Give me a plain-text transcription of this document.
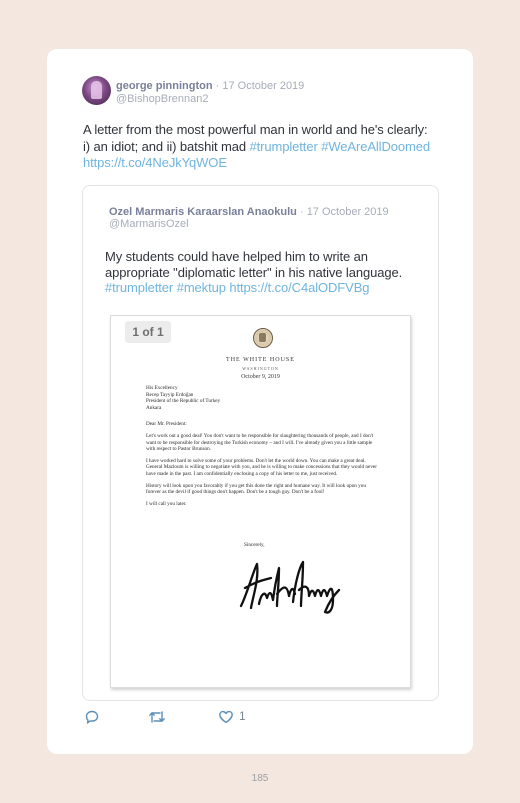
george pinnington · 17 October 2019
@BishopBrennan2
A letter from the most powerful man in world and he's clearly: i) an idiot; and ii) batshit mad #trumpletter #WeAreAllDoomed https://t.co/4NeJkYqWOE
Ozel Marmaris Karaarslan Anaokulu · 17 October 2019
@MarmarisOzel
My students could have helped him to write an appropriate "diplomatic letter" in his native language. #trumpletter #mektup https://t.co/C4alODFVBg
1 of 1
THE WHITE HOUSE
WASHINGTON
October 9, 2019
His Excellency
Recep Tayyip Erdoğan
President of the Republic of Turkey
Ankara

Dear Mr. President:

Let's work out a good deal! You don't want to be responsible for slaughtering thousands of people, and I don't want to be responsible for destroying the Turkish economy – and I will. I've already given you a little sample with respect to Pastor Brunson.

I have worked hard to solve some of your problems. Don't let the world down. You can make a great deal. General Mazloum is willing to negotiate with you, and he is willing to make concessions that they would never have made in the past. I am confidentially enclosing a copy of his letter to me, just received.

History will look upon you favorably if you get this done the right and humane way. It will look upon you forever as the devil if good things don't happen. Don't be a tough guy. Don't be a fool!

I will call you later.

Sincerely,
1
185
